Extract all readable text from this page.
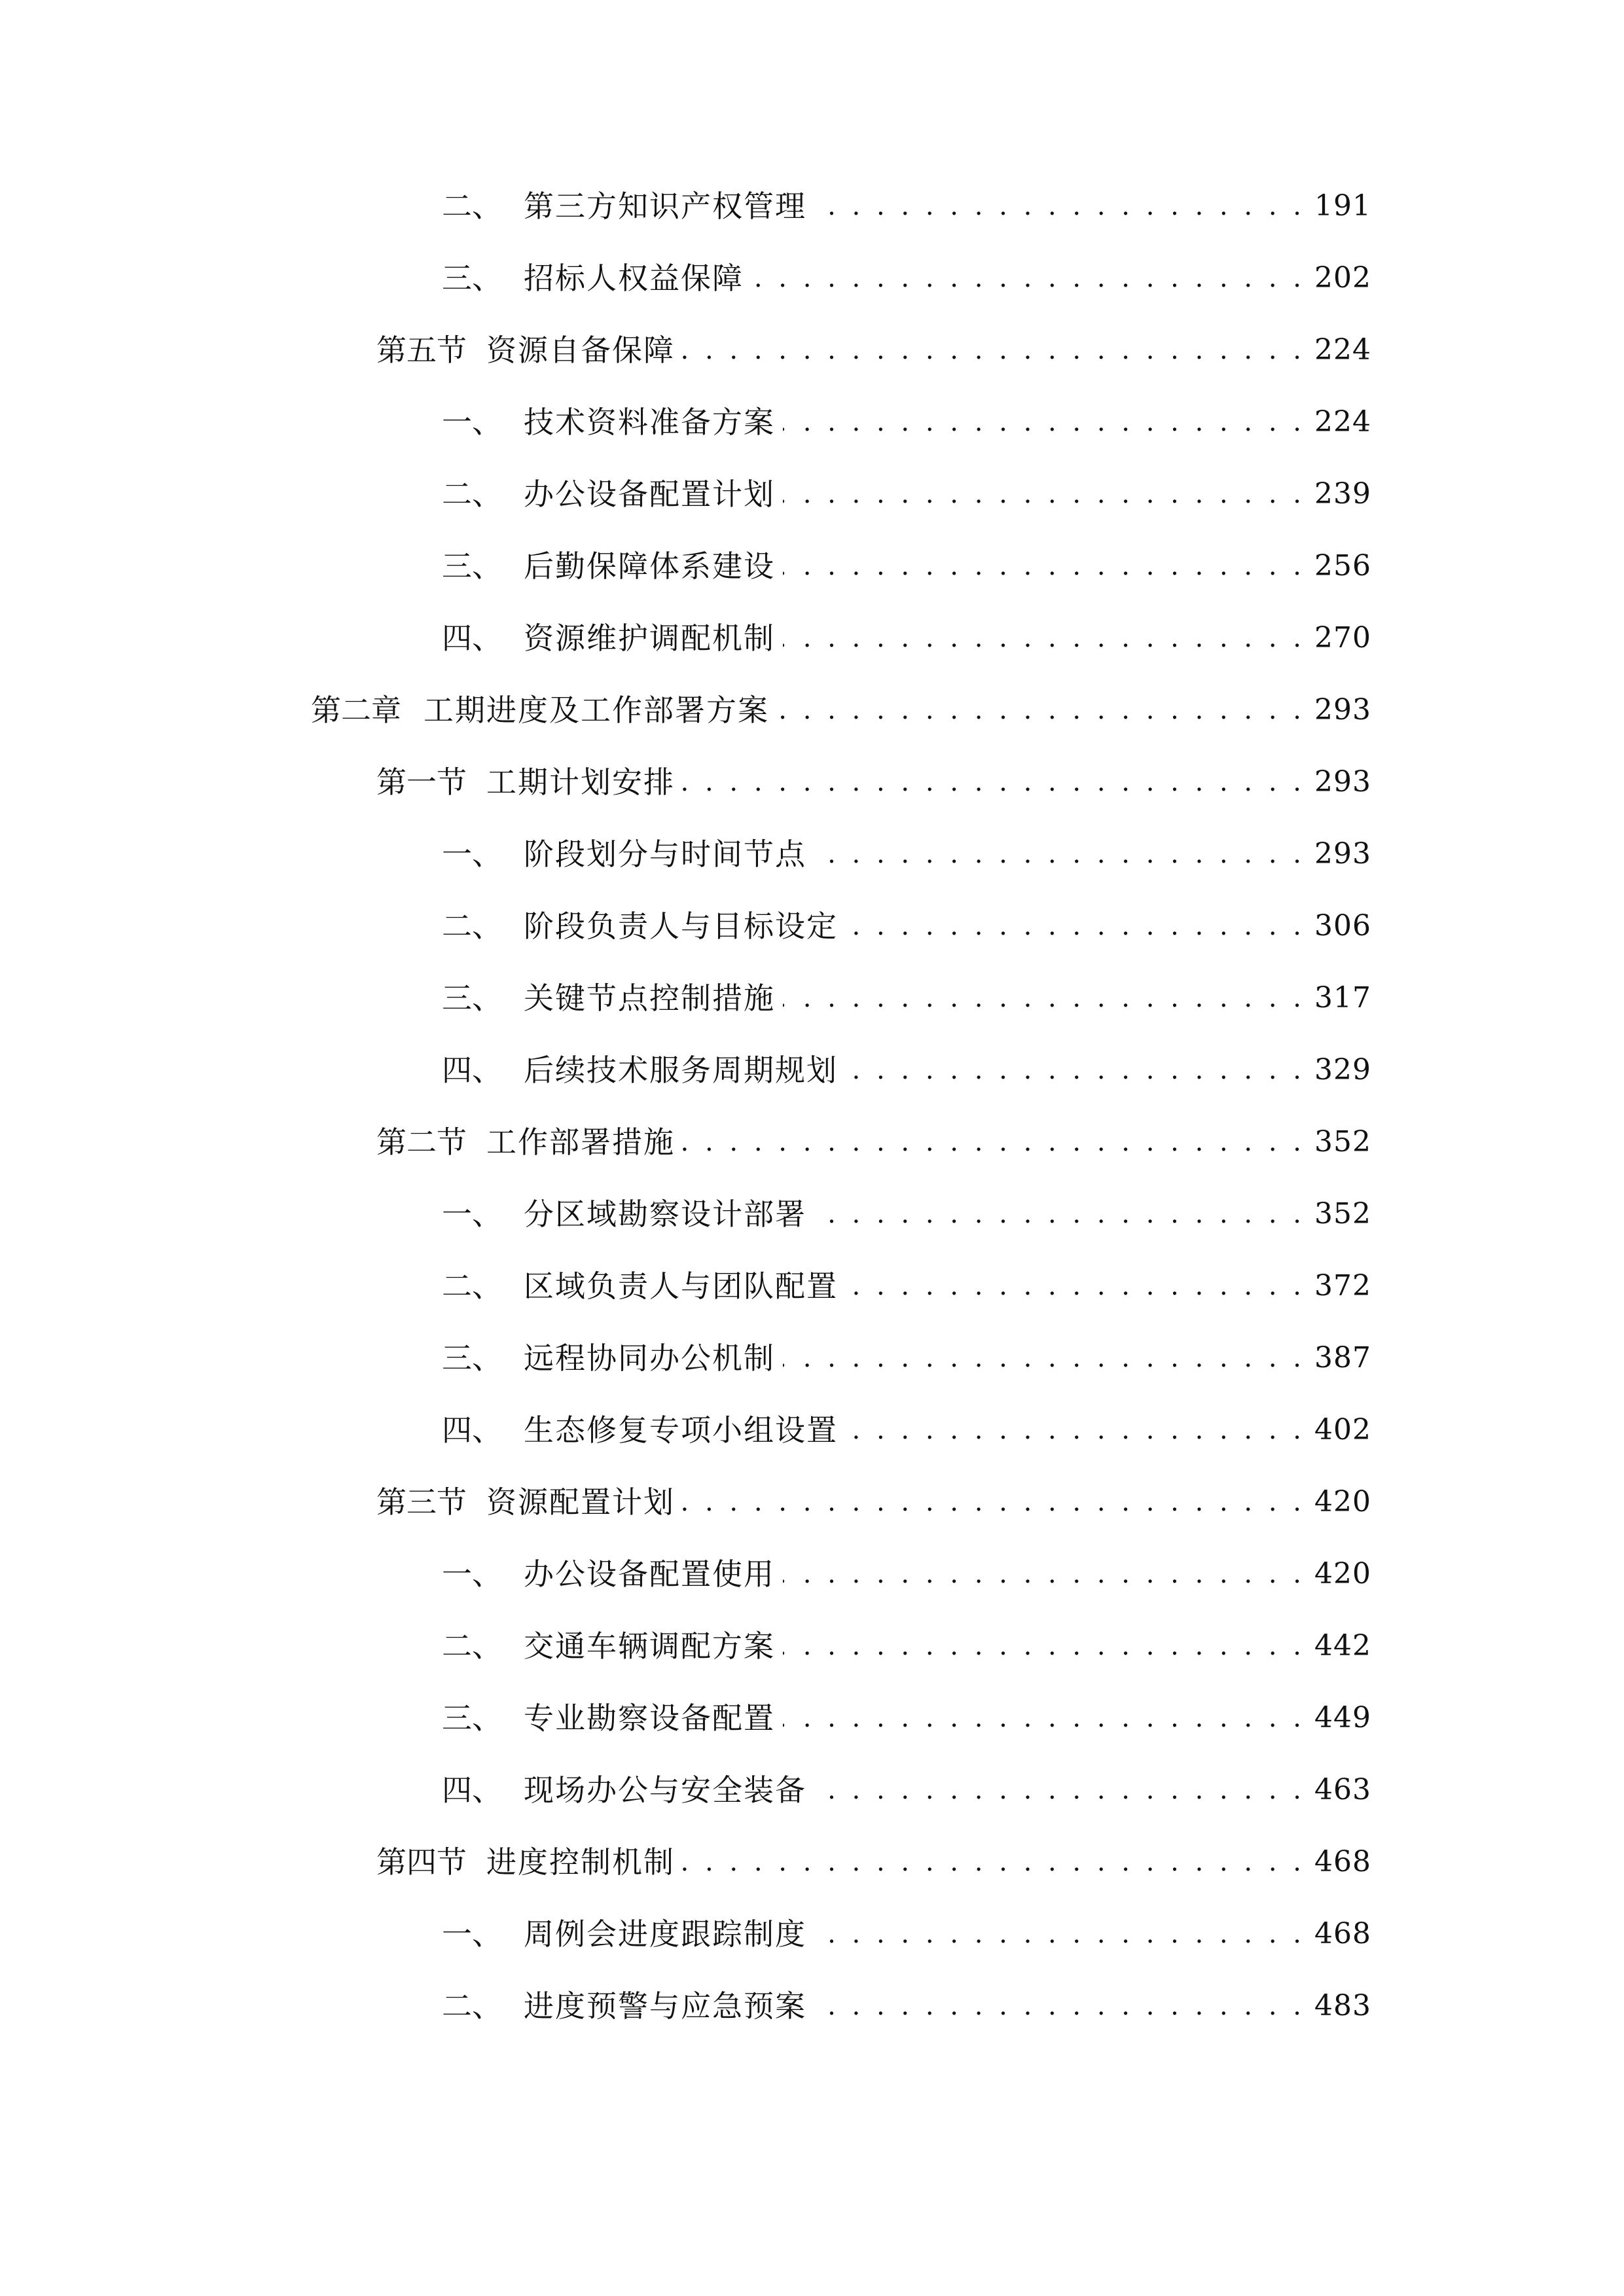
二、 第三方知识产权管理 . . .	191
三、 招标人权益保障 . . .	202
第五节 资源自备保障 . . .	224
一、 技术资料准备方案 . . .	224
二、 办公设备配置计划 . . .	239
三、 后勤保障体系建设 . . .	256
四、 资源维护调配机制 . . .	270
第二章 工期进度及工作部署方案 . . .	293
第一节 工期计划安排 . . .	293
一、 阶段划分与时间节点 . . .	293
二、 阶段负责人与目标设定 . . .	306
三、 关键节点控制措施 . . .	317
四、 后续技术服务周期规划 . . .	329
第二节 工作部署措施 . . .	352
一、 分区域勘察设计部署 . . .	352
二、 区域负责人与团队配置 . . .	372
三、 远程协同办公机制 . . .	387
四、 生态修复专项小组设置 . . .	402
第三节 资源配置计划 . . .	420
一、 办公设备配置使用 . . .	420
二、 交通车辆调配方案 . . .	442
三、 专业勘察设备配置 . . .	449
四、 现场办公与安全装备 . . .	463
第四节 进度控制机制 . . .	468
一、 周例会进度跟踪制度 . . .	468
二、 进度预警与应急预案 . . .	483
